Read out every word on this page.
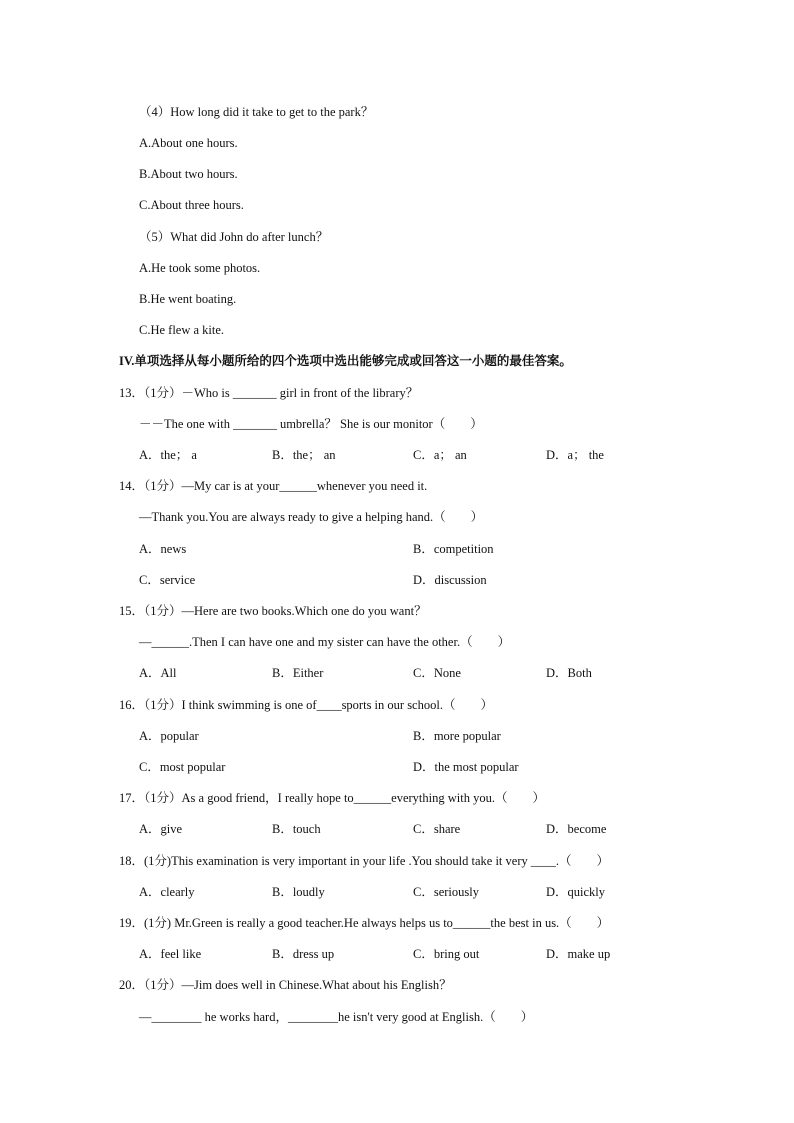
（4）How long did it take to get to the park？
A.About one hours.
B.About two hours.
C.About three hours.
（5）What did John do after lunch？
A.He took some photos.
B.He went boating.
C.He flew a kite.
IV.单项选择从每小题所给的四个选项中选出能够完成或回答这一小题的最佳答案。
13．（1分）－Who is _______ girl in front of the library？
－－The one with _______ umbrella？ She is our monitor（　　）
A．the； a	B．the； an	C．a； an	D．a； the
14．（1分）—My car is at your______whenever you need it.
—Thank you.You are always ready to give a helping hand.（　　）
A．news	B．competition
C．service	D．discussion
15．（1分）—Here are two books.Which one do you want？
—______.Then I can have one and my sister can have the other.（　　）
A．All	B．Either	C．None	D．Both
16．（1分）I think swimming is one of____sports in our school.（　　）
A．popular	B．more popular
C．most popular	D．the most popular
17．（1分）As a good friend，I really hope to______everything with you.（　　）
A．give	B．touch	C．share	D．become
18．(1分)This examination is very important in your life .You should take it very ____.（　　）
A．clearly	B．loudly	C．seriously	D．quickly
19．(1分) Mr.Green is really a good teacher.He always helps us to______the best in us.（　　）
A．feel like	B．dress up	C．bring out	D．make up
20．（1分）—Jim does well in Chinese.What about his English？
—________ he works hard，________he isn't very good at English.（　　）
